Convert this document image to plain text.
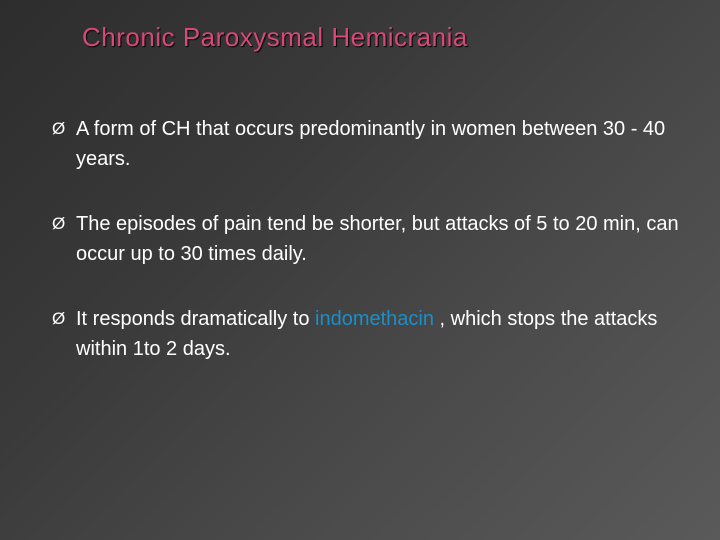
Chronic Paroxysmal Hemicrania
Ø A form of CH that occurs predominantly in women between 30 - 40 years.
Ø The episodes of pain tend be shorter, but attacks of 5 to 20 min, can occur up to 30 times daily.
Ø It responds dramatically to indomethacin , which stops the attacks within 1to 2 days.
